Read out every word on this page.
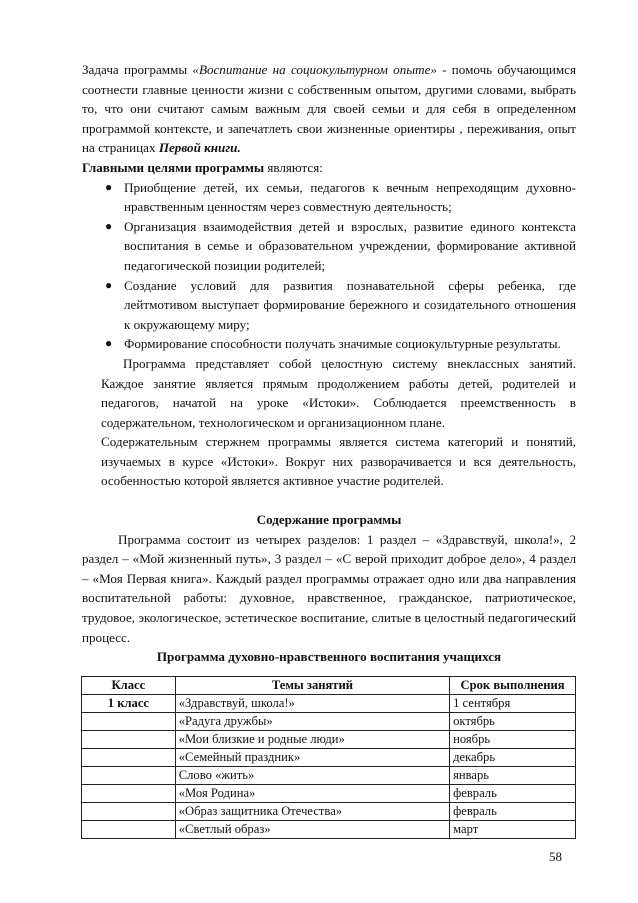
Задача программы «Воспитание на социокультурном опыте» - помочь обучающимся соотнести главные ценности жизни с собственным опытом, другими словами, выбрать то, что они считают самым важным для своей семьи и для себя в определенном программой контексте, и запечатлеть свои жизненные ориентиры , переживания, опыт на страницах Первой книги.
Главными целями программы являются:
● Приобщение детей, их семьи, педагогов к вечным непреходящим духовно-нравственным ценностям через совместную деятельность;
● Организация взаимодействия детей и взрослых, развитие единого контекста воспитания в семье и образовательном учреждении, формирование активной педагогической позиции родителей;
● Создание условий для развития познавательной сферы ребенка, где лейтмотивом выступает формирование бережного и созидательного отношения к окружающему миру;
● Формирование способности получать значимые социокультурные результаты.
Программа представляет собой целостную систему внеклассных занятий. Каждое занятие является прямым продолжением работы детей, родителей и педагогов, начатой на уроке «Истоки». Соблюдается преемственность в содержательном, технологическом и организационном плане.
Содержательным стержнем программы является система категорий и понятий, изучаемых в курсе «Истоки». Вокруг них разворачивается и вся деятельность, особенностью которой является активное участие родителей.
Содержание программы
Программа состоит из четырех разделов: 1 раздел – «Здравствуй, школа!», 2 раздел – «Мой жизненный путь», 3 раздел – «С верой приходит доброе дело», 4 раздел – «Моя Первая книга». Каждый раздел программы отражает одно или два направления воспитательной работы: духовное, нравственное, гражданское, патриотическое, трудовое, экологическое, эстетическое воспитание, слитые в целостный педагогический процесс.
Программа духовно-нравственного воспитания учащихся
Класс	Темы занятий	Срок выполнения
1 класс	«Здравствуй, школа!»	1 сентября
	«Радуга дружбы»	октябрь
	«Мои близкие и родные люди»	ноябрь
	«Семейный праздник»	декабрь
	Слово «жить»	январь
	«Моя Родина»	февраль
	«Образ защитника Отечества»	февраль
	«Светлый образ»	март
58
